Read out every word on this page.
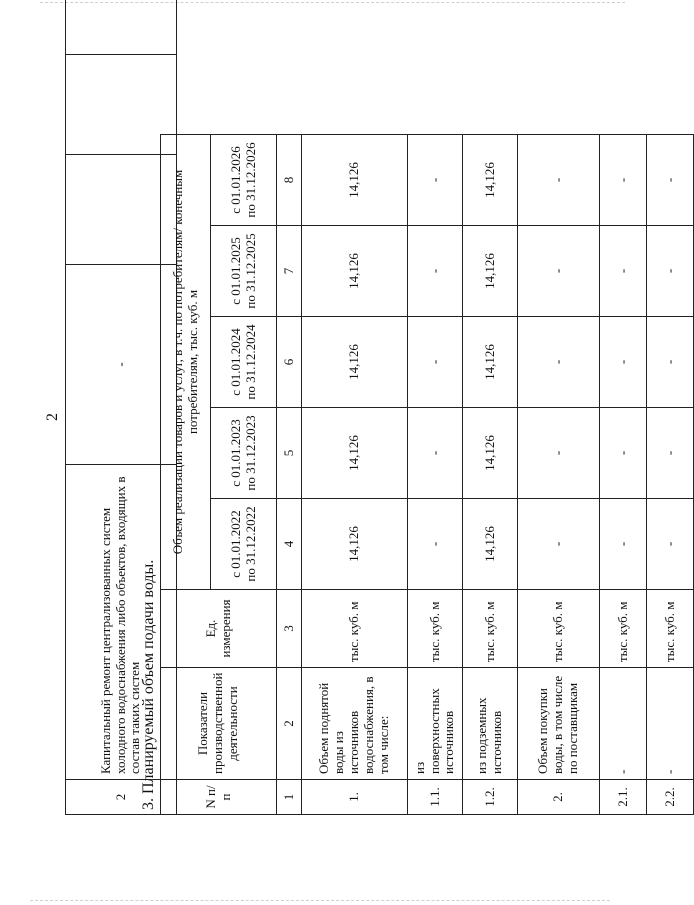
2
2	Капитальный ремонт централизованных систем холодного водоснабжения либо объектов, входящих в состав таких систем	-			
3. Планируемый объем подачи воды.	N п/п	Показатели производственной деятельности	Ед. измерения	Объем реализации товаров и услуг, в т.ч. по потребителям/ конечным потребителям, тыс. куб. м				
			с 01.01.2022 по 31.12.2022	с 01.01.2023 по 31.12.2023	с 01.01.2024 по 31.12.2024	с 01.01.2025 по 31.12.2025	с 01.01.2026 по 31.12.2026
1	2	3	4	5	6	7	8
1.	Объем поднятой воды из источников водоснабжения, в том числе:	тыс. куб. м	14,126	14,126	14,126	14,126	14,126
1.1.	из поверхностных источников	тыс. куб. м	-	-	-	-	-
1.2.	из подземных источников	тыс. куб. м	14,126	14,126	14,126	14,126	14,126
2.	Объем покупки воды, в том числе по поставщикам	тыс. куб. м	-	-	-	-	-
2.1.	-	тыс. куб. м	-	-	-	-	-
2.2.	-	тыс. куб. м	-	-	-	-	-
